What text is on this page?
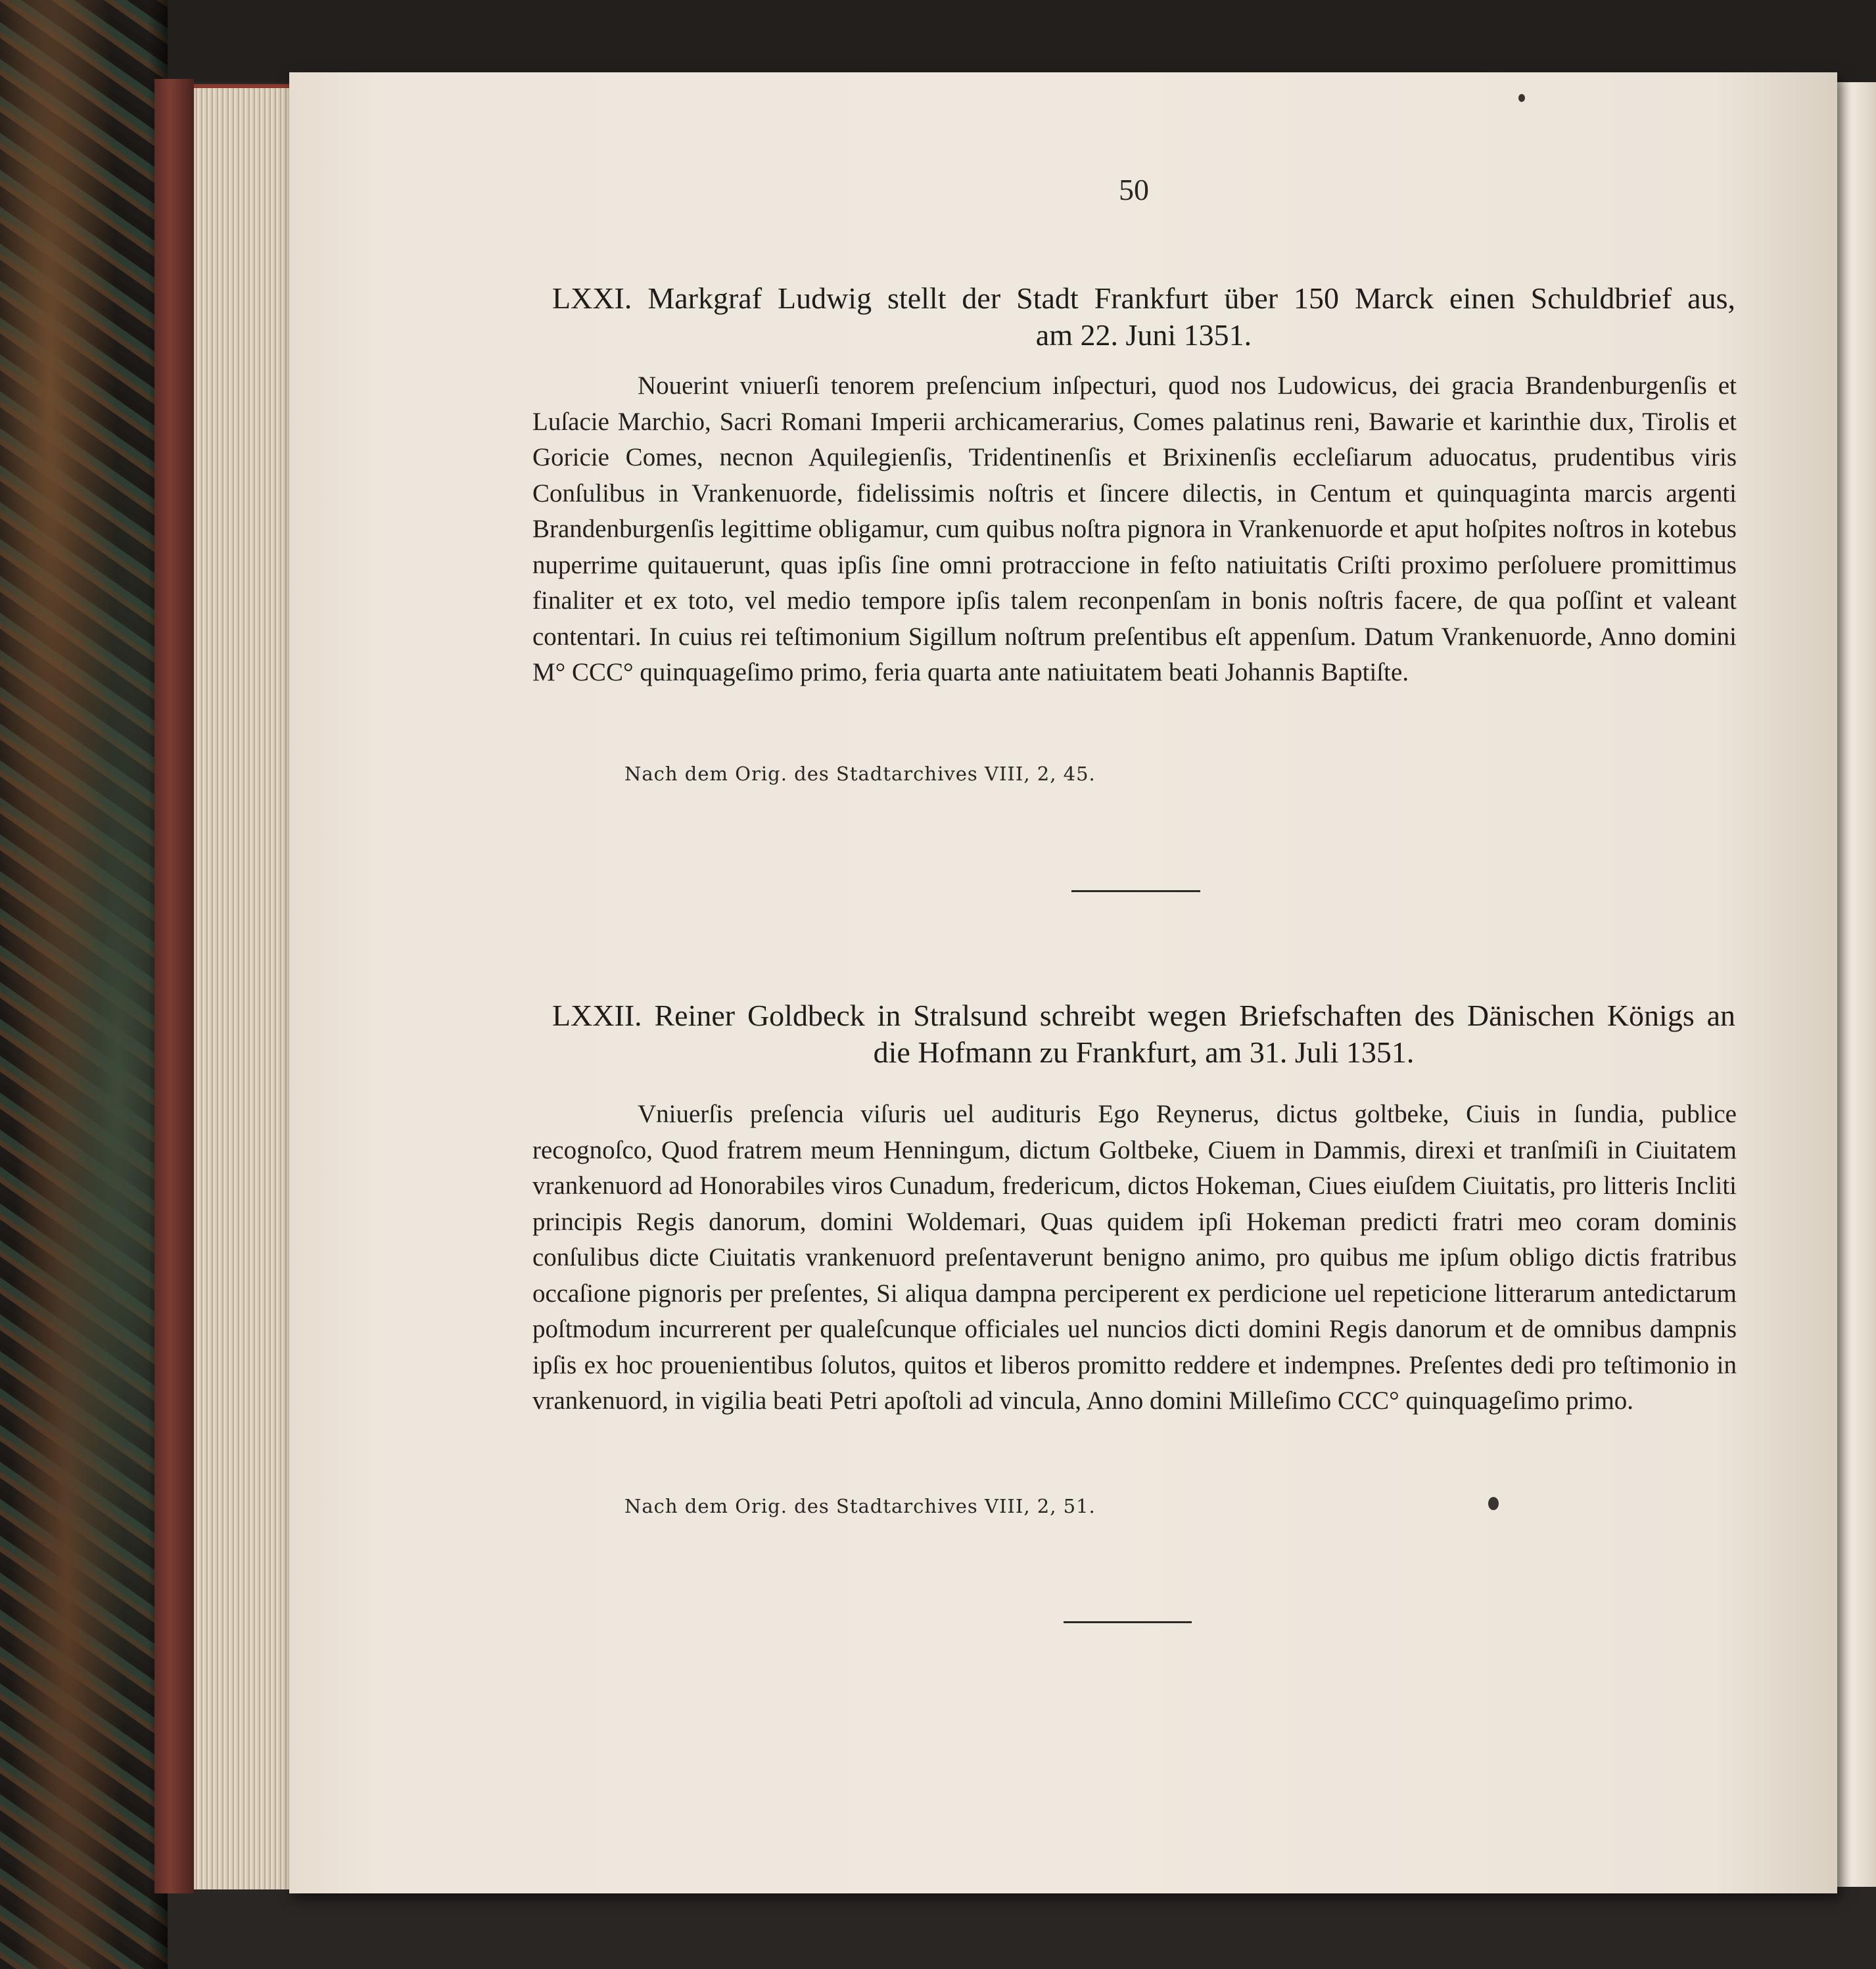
50
LXXI. Markgraf Ludwig stellt der Stadt Frankfurt über 150 Marck einen Schuldbrief aus,
am 22. Juni 1351.

Nouerint vniuerſi tenorem preſencium inſpecturi, quod nos Ludowicus, dei gracia Brandenburgenſis et Luſacie Marchio, Sacri Romani Imperii archicamerarius, Comes palatinus reni, Bawarie et karinthie dux, Tirolis et Goricie Comes, necnon Aquilegienſis, Tridentinenſis et Brixinenſis eccleſiarum aduocatus, prudentibus viris Conſulibus in Vrankenuorde, fidelissimis noſtris et ſincere dilectis, in Centum et quinquaginta marcis argenti Brandenburgenſis legittime obligamur, cum quibus noſtra pignora in Vrankenuorde et aput hoſpites noſtros in kotebus nuperrime quitauerunt, quas ipſis ſine omni protraccione in feſto natiuitatis Criſti proximo perſoluere promittimus finaliter et ex toto, vel medio tempore ipſis talem reconpenſam in bonis noſtris facere, de qua poſſint et valeant contentari. In cuius rei teſtimonium Sigillum noſtrum preſentibus eſt appenſum. Datum Vrankenuorde, Anno domini M° CCC° quinquageſimo primo, feria quarta ante natiuitatem beati Johannis Baptiſte.

Nach dem Orig. des Stadtarchives VIII, 2, 45.
LXXII. Reiner Goldbeck in Stralsund schreibt wegen Briefschaften des Dänischen Königs an
die Hofmann zu Frankfurt, am 31. Juli 1351.

Vniuerſis preſencia viſuris uel audituris Ego Reynerus, dictus goltbeke, Ciuis in ſundia, publice recognoſco, Quod fratrem meum Henningum, dictum Goltbeke, Ciuem in Dammis, direxi et tranſmiſi in Ciuitatem vrankenuord ad Honorabiles viros Cunadum, fredericum, dictos Hokeman, Ciues eiuſdem Ciuitatis, pro litteris Incliti principis Regis danorum, domini Woldemari, Quas quidem ipſi Hokeman predicti fratri meo coram dominis conſulibus dicte Ciuitatis vrankenuord preſentaverunt benigno animo, pro quibus me ipſum obligo dictis fratribus occaſione pignoris per preſentes, Si aliqua dampna perciperent ex perdicione uel repeticione litterarum antedictarum poſtmodum incurrerent per qualeſcunque officiales uel nuncios dicti domini Regis danorum et de omnibus dampnis ipſis ex hoc prouenientibus ſolutos, quitos et liberos promitto reddere et indempnes. Preſentes dedi pro teſtimonio in vrankenuord, in vigilia beati Petri apoſtoli ad vincula, Anno domini Milleſimo CCC° quinquageſimo primo.

Nach dem Orig. des Stadtarchives VIII, 2, 51.
